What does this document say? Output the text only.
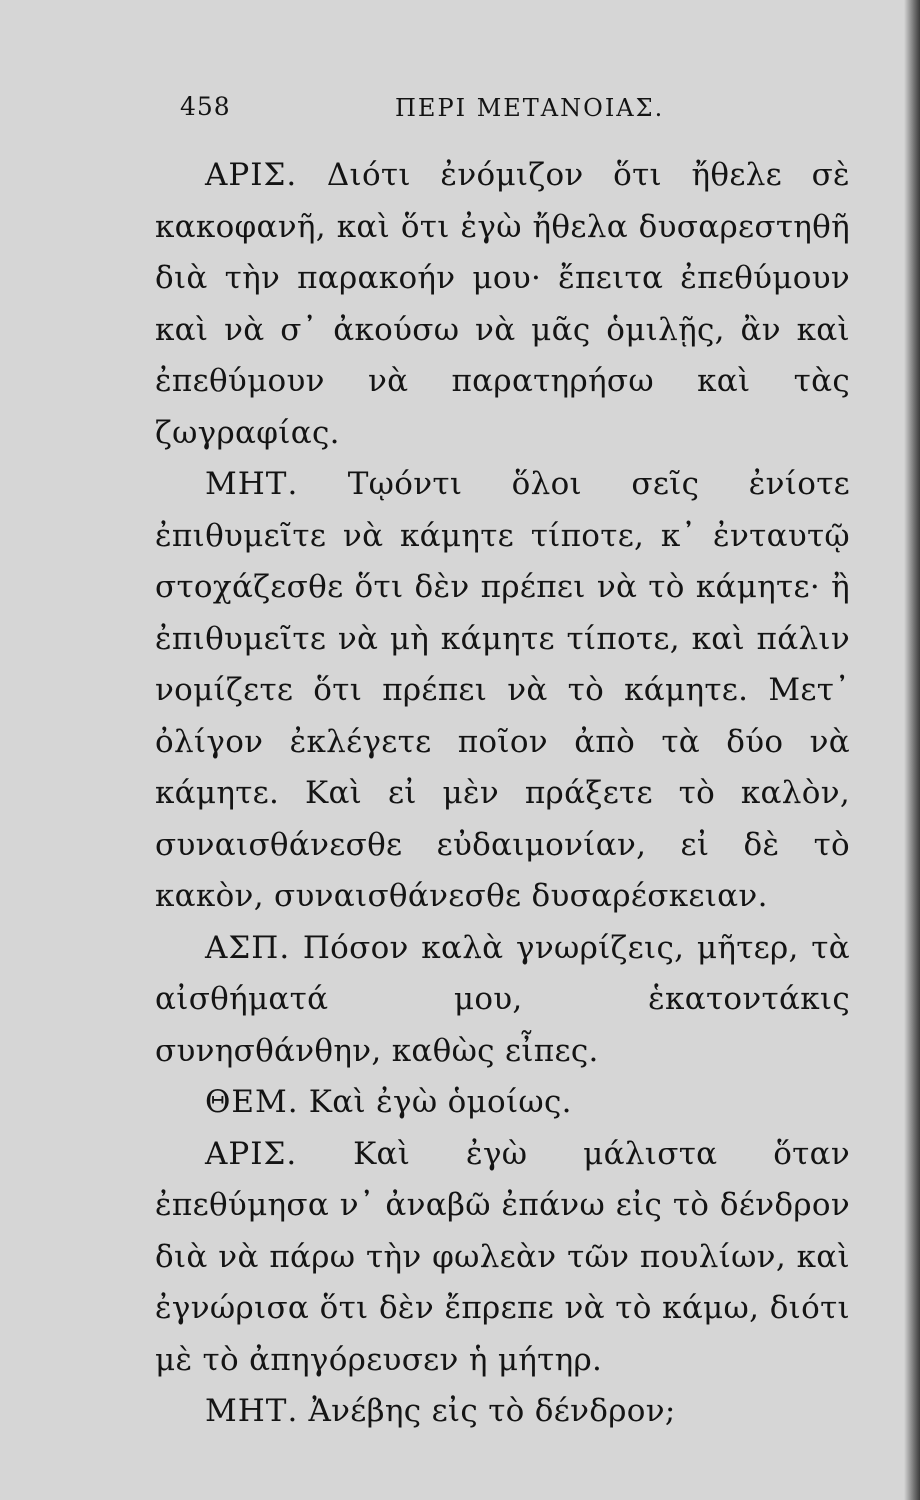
458	ΠΕΡΙ ΜΕΤΑΝΟΙΑΣ.

ΑΡΙΣ. Διότι ἐνόμιζον ὅτι ἤθελε σὲ κακοφανῆ, καὶ ὅτι ἐγὼ ἤθελα δυσαρεστηθῆ διὰ τὴν παρακοήν μου· ἔπειτα ἐπεθύμουν καὶ νὰ σ᾽ ἀκούσω νὰ μᾶς ὁμιλῇς, ἂν καὶ ἐπεθύμουν νὰ παρατηρήσω καὶ τὰς ζωγραφίας.

ΜΗΤ. Τῳόντι ὅλοι σεῖς ἐνίοτε ἐπιθυμεῖτε νὰ κάμητε τίποτε, κ᾽ ἐνταυτῷ στοχάζεσθε ὅτι δὲν πρέπει νὰ τὸ κάμητε· ἢ ἐπιθυμεῖτε νὰ μὴ κάμητε τίποτε, καὶ πάλιν νομίζετε ὅτι πρέπει νὰ τὸ κάμητε. Μετ᾽ ὀλίγον ἐκλέγετε ποῖον ἀπὸ τὰ δύο νὰ κάμητε. Καὶ εἰ μὲν πράξετε τὸ καλὸν, συναισθάνεσθε εὐδαιμονίαν, εἰ δὲ τὸ κακὸν, συναισθάνεσθε δυσαρέσκειαν.

ΑΣΠ. Πόσον καλὰ γνωρίζεις, μῆτερ, τὰ αἰσθήματά μου, ἑκατοντάκις συνησθάνθην, καθὼς εἶπες.

ΘΕΜ. Καὶ ἐγὼ ὁμοίως.

ΑΡΙΣ. Καὶ ἐγὼ μάλιστα ὅταν ἐπεθύμησα ν᾽ ἀναβῶ ἐπάνω εἰς τὸ δένδρον διὰ νὰ πάρω τὴν φωλεὰν τῶν πουλίων, καὶ ἐγνώρισα ὅτι δὲν ἔπρεπε νὰ τὸ κάμω, διότι μὲ τὸ ἀπηγόρευσεν ἡ μήτηρ.

ΜΗΤ. Ἀνέβης εἰς τὸ δένδρον;
